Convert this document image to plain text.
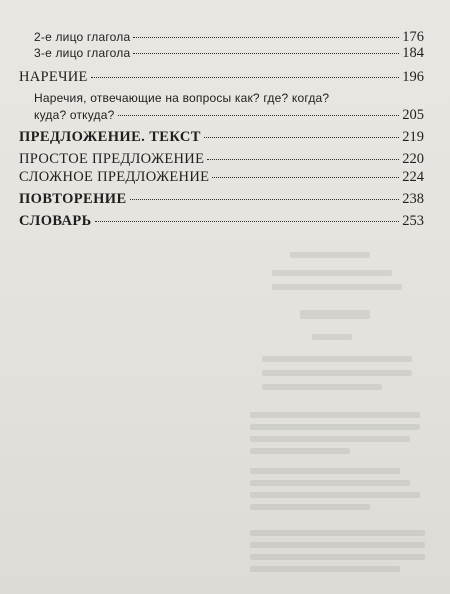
2-е лицо глагола	176
3-е лицо глагола	184
НАРЕЧИЕ	196
Наречия, отвечающие на вопросы как? где? когда?
куда? откуда?	205
ПРЕДЛОЖЕНИЕ. ТЕКСТ	219
ПРОСТОЕ ПРЕДЛОЖЕНИЕ	220
СЛОЖНОЕ ПРЕДЛОЖЕНИЕ	224
ПОВТОРЕНИЕ	238
СЛОВАРЬ	253
